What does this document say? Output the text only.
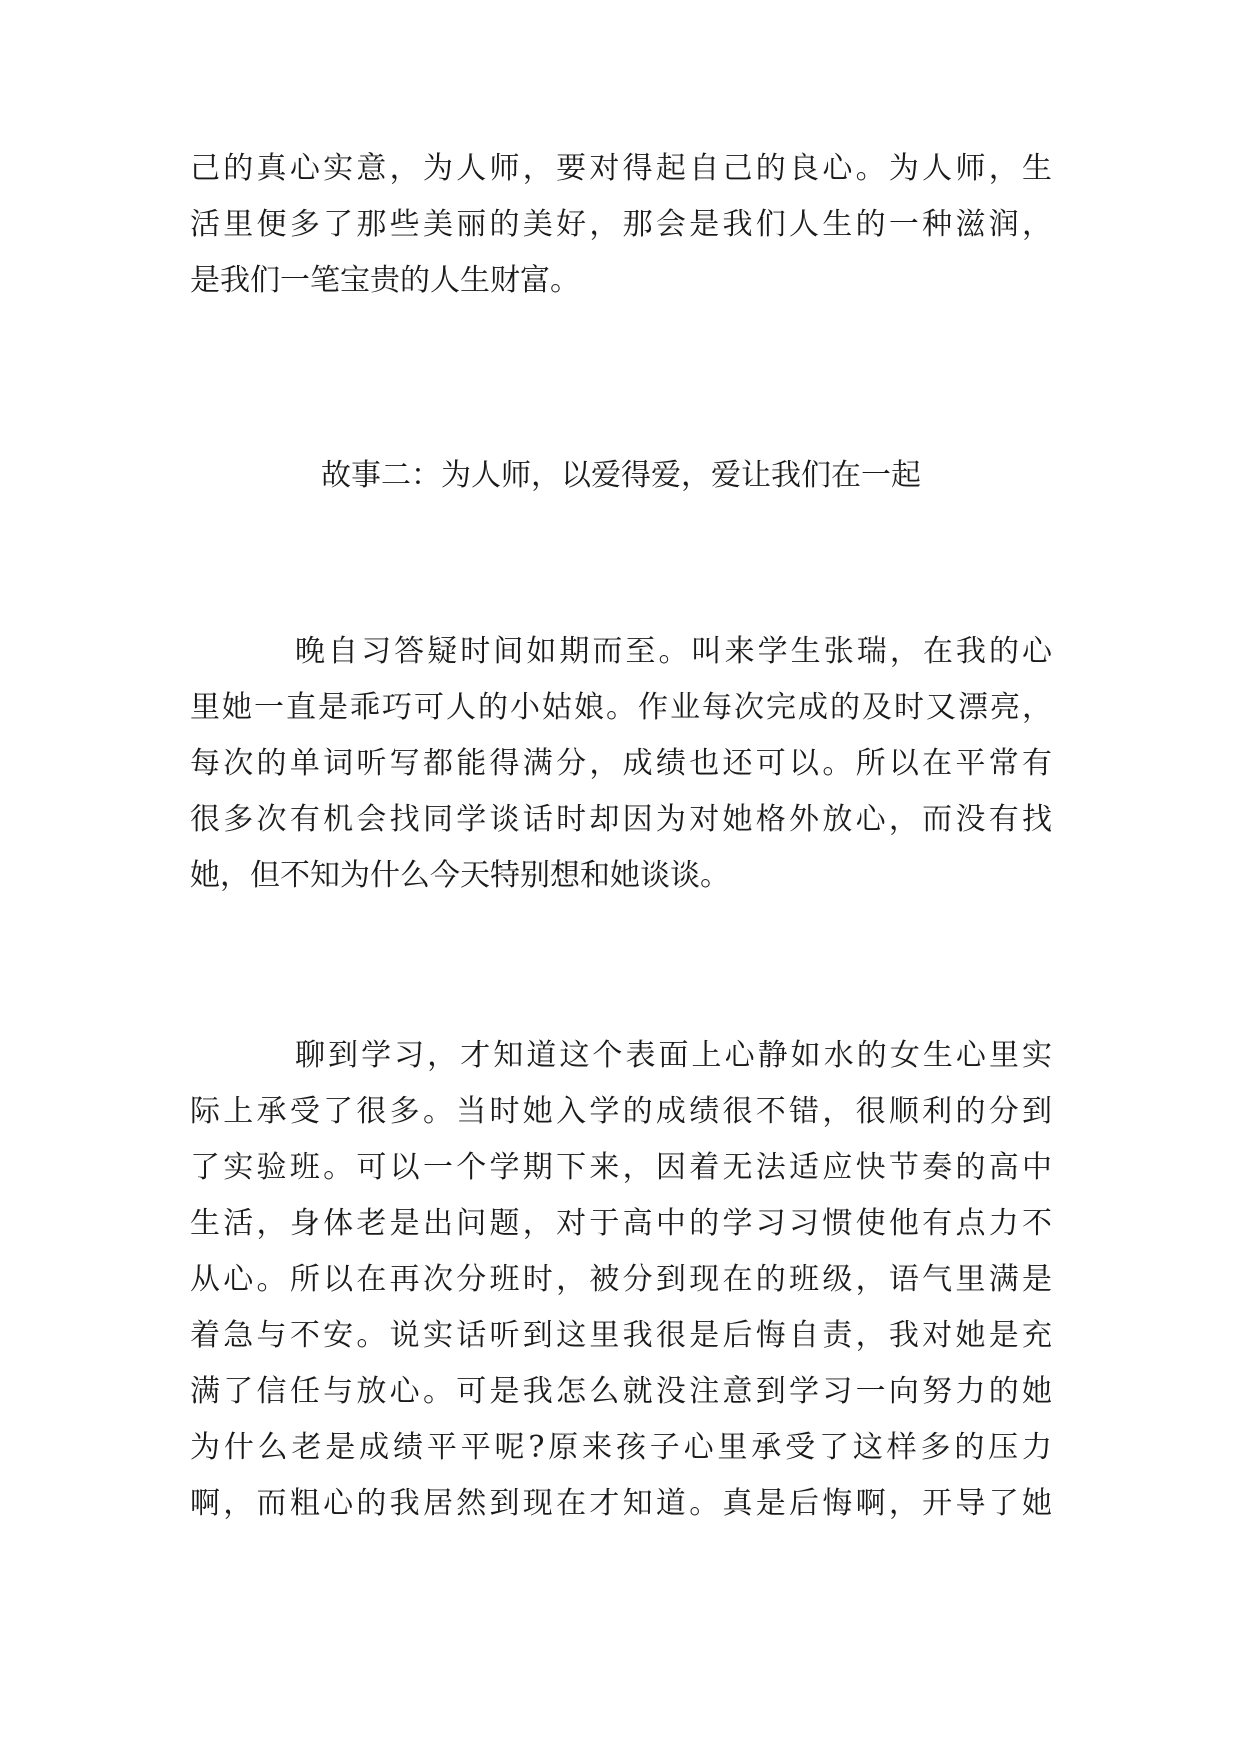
己的真心实意，为人师，要对得起自己的良心。为人师，生
活里便多了那些美丽的美好，那会是我们人生的一种滋润，
是我们一笔宝贵的人生财富。
故事二：为人师，以爱得爱，爱让我们在一起
晚自习答疑时间如期而至。叫来学生张瑞，在我的心
里她一直是乖巧可人的小姑娘。作业每次完成的及时又漂亮，
每次的单词听写都能得满分，成绩也还可以。所以在平常有
很多次有机会找同学谈话时却因为对她格外放心，而没有找
她，但不知为什么今天特别想和她谈谈。
聊到学习，才知道这个表面上心静如水的女生心里实
际上承受了很多。当时她入学的成绩很不错，很顺利的分到
了实验班。可以一个学期下来，因着无法适应快节奏的高中
生活，身体老是出问题，对于高中的学习习惯使他有点力不
从心。所以在再次分班时，被分到现在的班级，语气里满是
着急与不安。说实话听到这里我很是后悔自责，我对她是充
满了信任与放心。可是我怎么就没注意到学习一向努力的她
为什么老是成绩平平呢?原来孩子心里承受了这样多的压力
啊，而粗心的我居然到现在才知道。真是后悔啊，开导了她
